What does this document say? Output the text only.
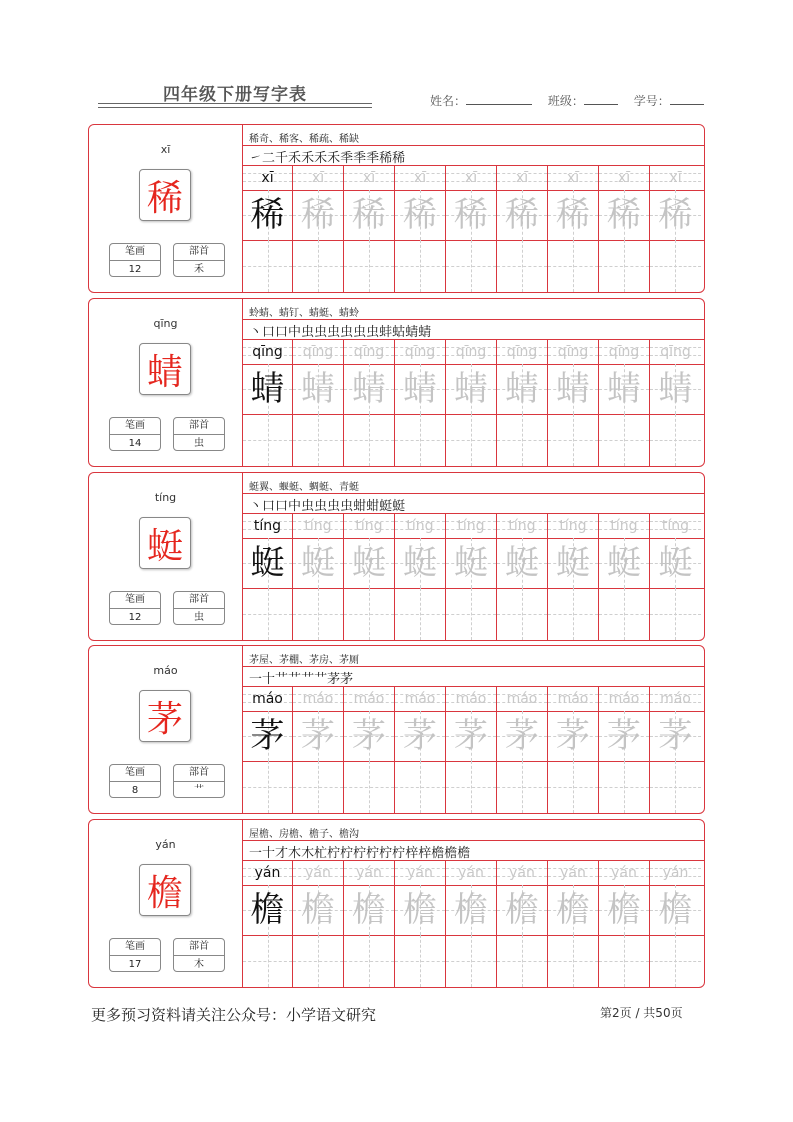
四年级下册写字表	姓名：	班级：	学号：
xī
稀
笔画
12
部首
禾
稀奇、稀客、稀疏、稀缺
㇀二千禾禾禾禾秊秊秊稀稀
xī
稀
xī
稀
xī
稀
xī
稀
xī
稀
xī
稀
xī
稀
xī
稀
xī
稀
qīng
蜻
笔画
14
部首
虫
蛉蜻、蜻钉、蜻蜓、蜻蛉
丶口口中虫虫虫虫虫虫蚌蛄蜻蜻
qīng
蜻
qīng
蜻
qīng
蜻
qīng
蜻
qīng
蜻
qīng
蜻
qīng
蜻
qīng
蜻
qīng
蜻
tíng
蜓
笔画
12
部首
虫
蜓翼、蝘蜓、蜩蜓、青蜓
丶口口中虫虫虫虫蚶蚶蜓蜓
tíng
蜓
tíng
蜓
tíng
蜓
tíng
蜓
tíng
蜓
tíng
蜓
tíng
蜓
tíng
蜓
tíng
蜓
máo
茅
笔画
8
部首
艹
茅屋、茅棚、茅房、茅厕
一十艹艹艹艹茅茅
máo
茅
máo
茅
máo
茅
máo
茅
máo
茅
máo
茅
máo
茅
máo
茅
máo
茅
yán
檐
笔画
17
部首
木
屋檐、房檐、檐子、檐沟
一十才木木杧柠柠柠柠柠柠梓梓檐檐檐
yán
檐
yán
檐
yán
檐
yán
檐
yán
檐
yán
檐
yán
檐
yán
檐
yán
檐
更多预习资料请关注公众号：小学语文研究	第2页 / 共50页
